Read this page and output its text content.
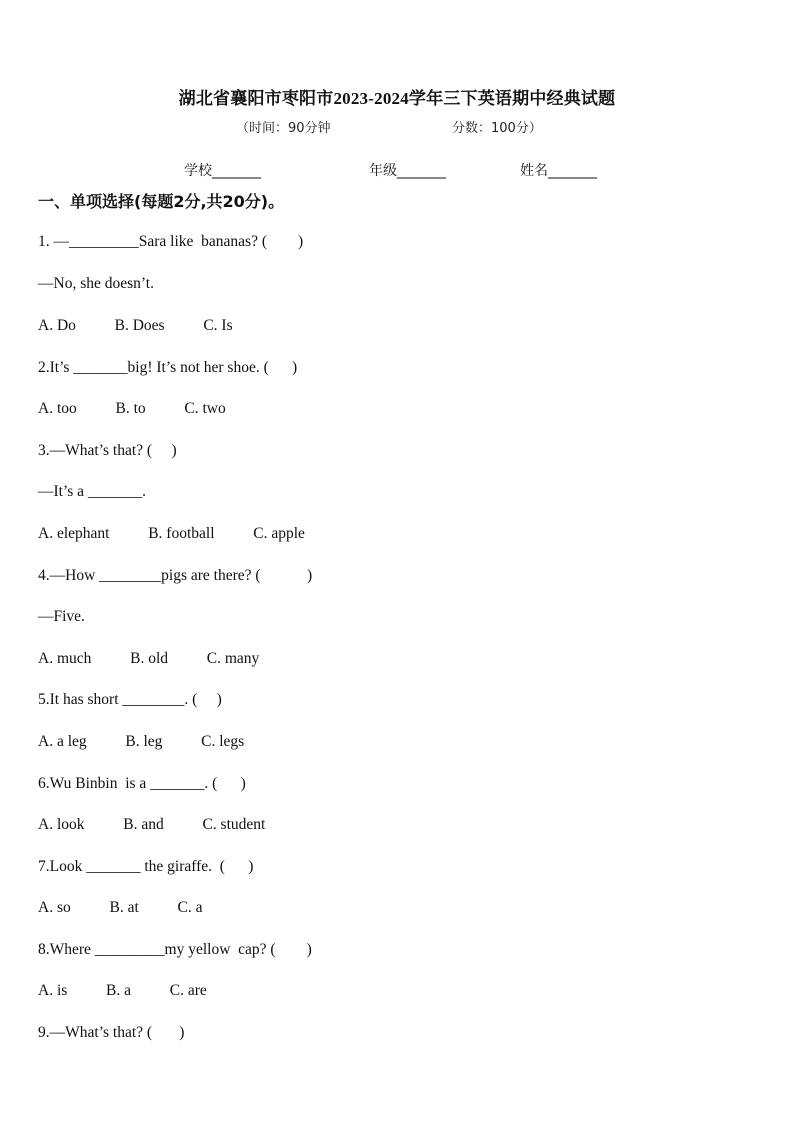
湖北省襄阳市枣阳市2023-2024学年三下英语期中经典试题
（时间：90分钟	分数：100分）
学校_______	年级_______	姓名_______
一、单项选择(每题2分,共20分)。
1. —_________Sara like  bananas? (        )
—No, she doesn’t.
A. Do          B. Does          C. Is
2.It’s _______big! It’s not her shoe. (      )
A. too          B. to          C. two
3.—What’s that? (     )
—It’s a _______.
A. elephant          B. football          C. apple
4.—How ________pigs are there? (            )
—Five.
A. much          B. old          C. many
5.It has short ________. (     )
A. a leg          B. leg          C. legs
6.Wu Binbin  is a _______. (      )
A. look          B. and          C. student
7.Look _______ the giraffe.  (      )
A. so          B. at          C. a
8.Where _________my yellow  cap? (        )
A. is          B. a          C. are
9.—What’s that? (       )
